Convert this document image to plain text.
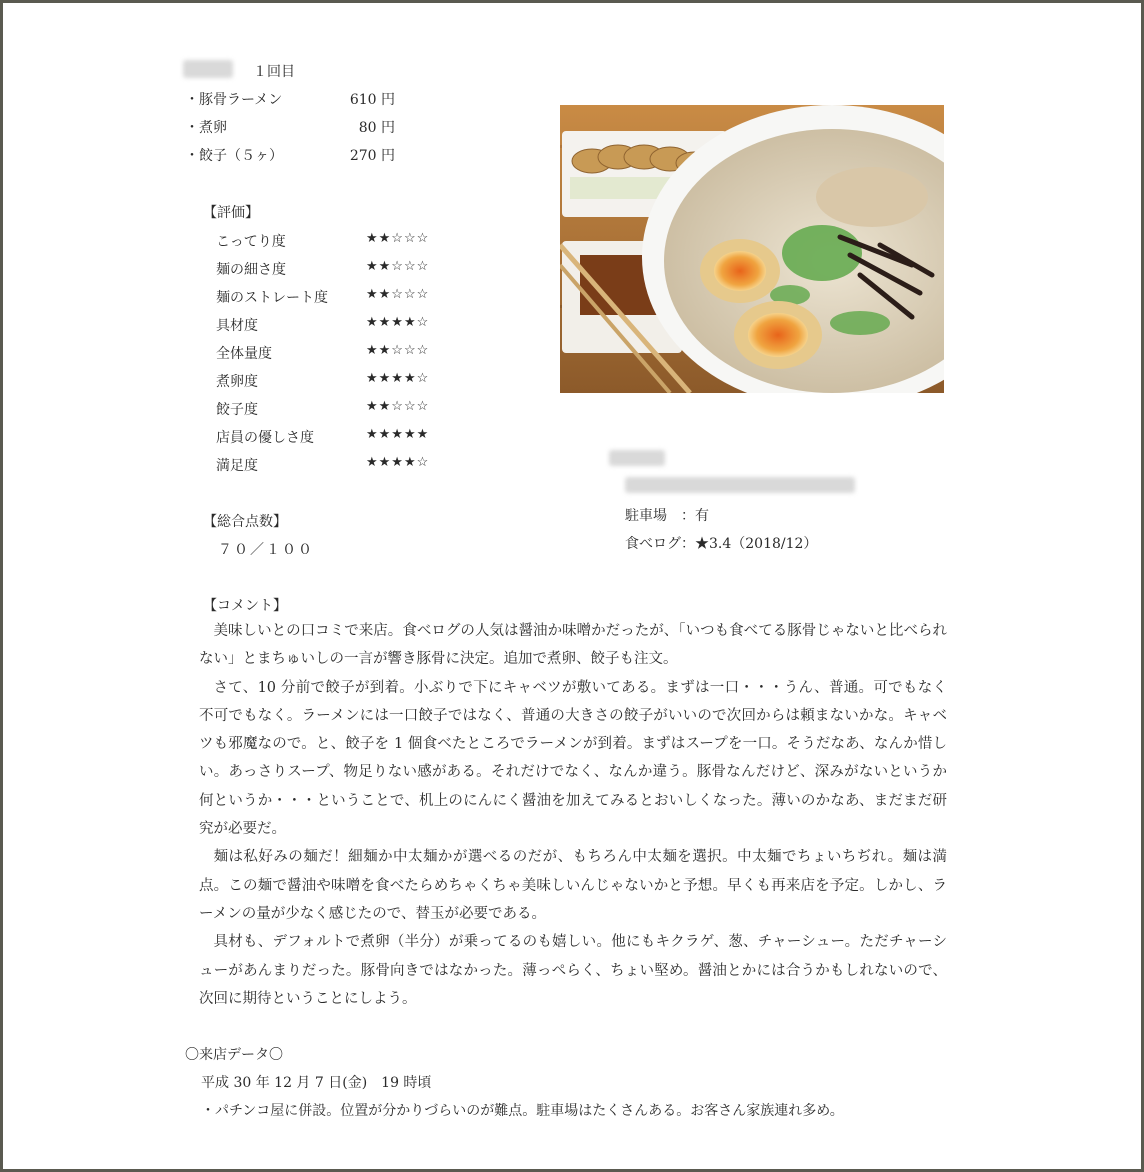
１回目
・豚骨ラーメン	610 円
・煮卵	80 円
・餃子（５ヶ）	270 円
【評価】
こってり度	★★☆☆☆
麺の細さ度	★★☆☆☆
麺のストレート度	★★☆☆☆
具材度	★★★★☆
全体量度	★★☆☆☆
煮卵度	★★★★☆
餃子度	★★☆☆☆
店員の優しさ度	★★★★★
満足度	★★★★☆
【総合点数】
７０／１００
駐車場　：有
食べログ：★3.4（2018/12）
【コメント】

美味しいとの口コミで来店。食べログの人気は醤油か味噌かだったが、「いつも食べてる豚骨じゃないと比べられない」とまちゅいしの一言が響き豚骨に決定。追加で煮卵、餃子も注文。

さて、10 分前で餃子が到着。小ぶりで下にキャベツが敷いてある。まずは一口・・・うん、普通。可でもなく不可でもなく。ラーメンには一口餃子ではなく、普通の大きさの餃子がいいので次回からは頼まないかな。キャベツも邪魔なので。と、餃子を 1 個食べたところでラーメンが到着。まずはスープを一口。そうだなあ、なんか惜しい。あっさりスープ、物足りない感がある。それだけでなく、なんか違う。豚骨なんだけど、深みがないというか何というか・・・ということで、机上のにんにく醤油を加えてみるとおいしくなった。薄いのかなあ、まだまだ研究が必要だ。

麺は私好みの麺だ！細麺か中太麺かが選べるのだが、もちろん中太麺を選択。中太麺でちょいちぢれ。麺は満点。この麺で醤油や味噌を食べたらめちゃくちゃ美味しいんじゃないかと予想。早くも再来店を予定。しかし、ラーメンの量が少なく感じたので、替玉が必要である。

具材も、デフォルトで煮卵（半分）が乗ってるのも嬉しい。他にもキクラゲ、葱、チャーシュー。ただチャーシューがあんまりだった。豚骨向きではなかった。薄っぺらく、ちょい堅め。醤油とかには合うかもしれないので、次回に期待ということにしよう。

〇来店データ〇
平成 30 年 12 月 7 日(金)　19 時頃
・パチンコ屋に併設。位置が分かりづらいのが難点。駐車場はたくさんある。お客さん家族連れ多め。
